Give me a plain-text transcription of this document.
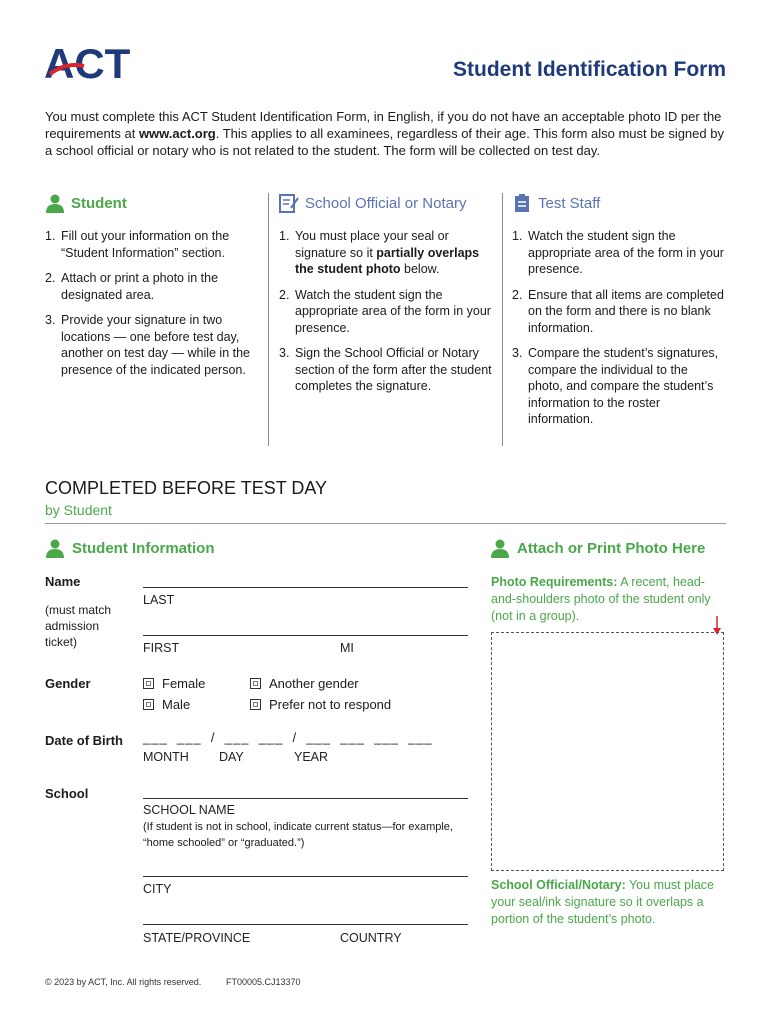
ACT	Student Identification Form
You must complete this ACT Student Identification Form, in English, if you do not have an acceptable photo ID per the requirements at www.act.org. This applies to all examinees, regardless of their age. This form also must be signed by a school official or notary who is not related to the student. The form will be collected on test day.
Student
1. Fill out your information on the “Student Information” section.
2. Attach or print a photo in the designated area.
3. Provide your signature in two locations — one before test day, another on test day — while in the presence of the indicated person.
School Official or Notary
1. You must place your seal or signature so it partially overlaps the student photo below.
2. Watch the student sign the appropriate area of the form in your presence.
3. Sign the School Official or Notary section of the form after the student completes the signature.
Test Staff
1. Watch the student sign the appropriate area of the form in your presence.
2. Ensure that all items are completed on the form and there is no blank information.
3. Compare the student’s signatures, compare the individual to the photo, and compare the student’s information to the roster information.
COMPLETED BEFORE TEST DAY
by Student
Student Information	Attach or Print Photo Here
Name
(must match admission ticket)
LAST
FIRST	MI
Gender	Female	Another gender
Male	Prefer not to respond
Date of Birth ___  ___  /  ___  ___  /  ___  ___  ___  ___
MONTH DAY	YEAR
School
SCHOOL NAME
(If student is not in school, indicate current status—for example, “home schooled” or “graduated.”)
CITY
STATE/PROVINCE	COUNTRY
Photo Requirements: A recent, head-and-shoulders photo of the student only (not in a group).
School Official/Notary: You must place your seal/ink signature so it overlaps a portion of the student’s photo.
© 2023 by ACT, Inc. All rights reserved.	FT00005.CJ13370
